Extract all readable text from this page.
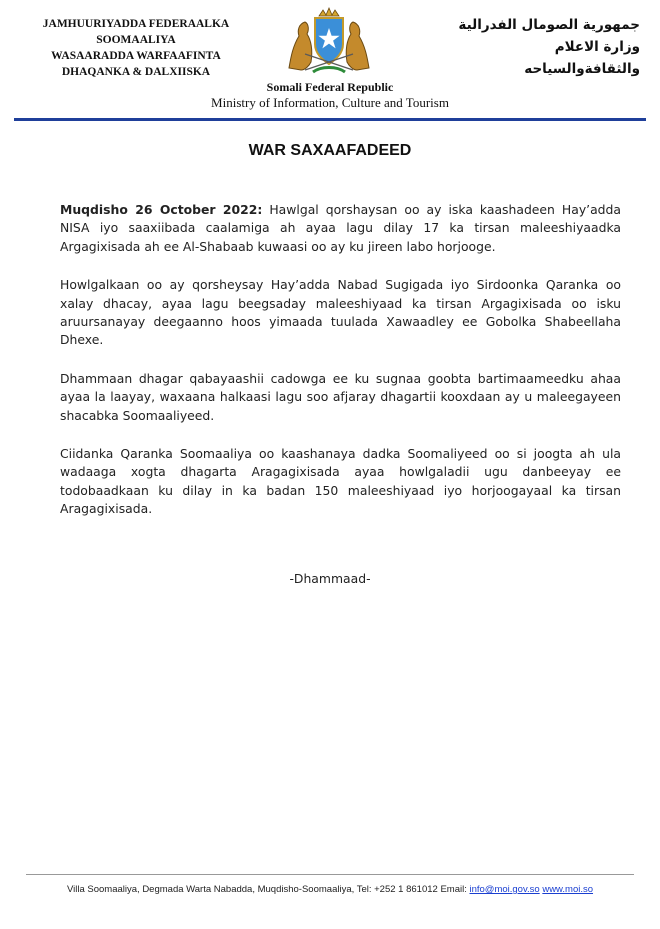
JAMHUURIYADDA FEDERAALKA
SOOMAALIYA
WASAARADDA WARFAAFINTA
DHAQANKA & DALXIISKA
جمهورية الصومال الفدرالية
وزارة الاعلام
والثقافةوالسياحه
Somali Federal Republic
Ministry of Information, Culture and Tourism
WAR SAXAAFADEED

Muqdisho 26 October 2022: Hawlgal qorshaysan oo ay iska kaashadeen Hay’adda NISA iyo saaxiibada caalamiga ah ayaa lagu dilay 17 ka tirsan maleeshiyaadka Argagixisada ah ee Al-Shabaab kuwaasi oo ay ku jireen labo horjooge.

Howlgalkaan oo ay qorsheysay Hay’adda Nabad Sugigada iyo Sirdoonka Qaranka oo xalay dhacay, ayaa lagu beegsaday maleeshiyaad ka tirsan Argagixisada oo isku aruursanayay deegaanno hoos yimaada tuulada Xawaadley ee Gobolka Shabeellaha Dhexe.

Dhammaan dhagar qabayaashii cadowga ee ku sugnaa goobta bartimaameedku ahaa ayaa la laayay, waxaana halkaasi lagu soo afjaray dhagartii kooxdaan ay u maleegayeen shacabka Soomaaliyeed.

Ciidanka Qaranka Soomaaliya oo kaashanaya dadka Soomaliyeed oo si joogta ah ula wadaaga xogta dhagarta Aragagixisada ayaa howlgaladii ugu danbeeyay ee todobaadkaan ku dilay in ka badan 150 maleeshiyaad iyo horjoogayaal ka tirsan Aragagixisada.

-Dhammaad-
Villa Soomaaliya, Degmada Warta Nabadda, Muqdisho-Soomaaliya, Tel: +252 1 861012 Email: info@moi.gov.so www.moi.so
